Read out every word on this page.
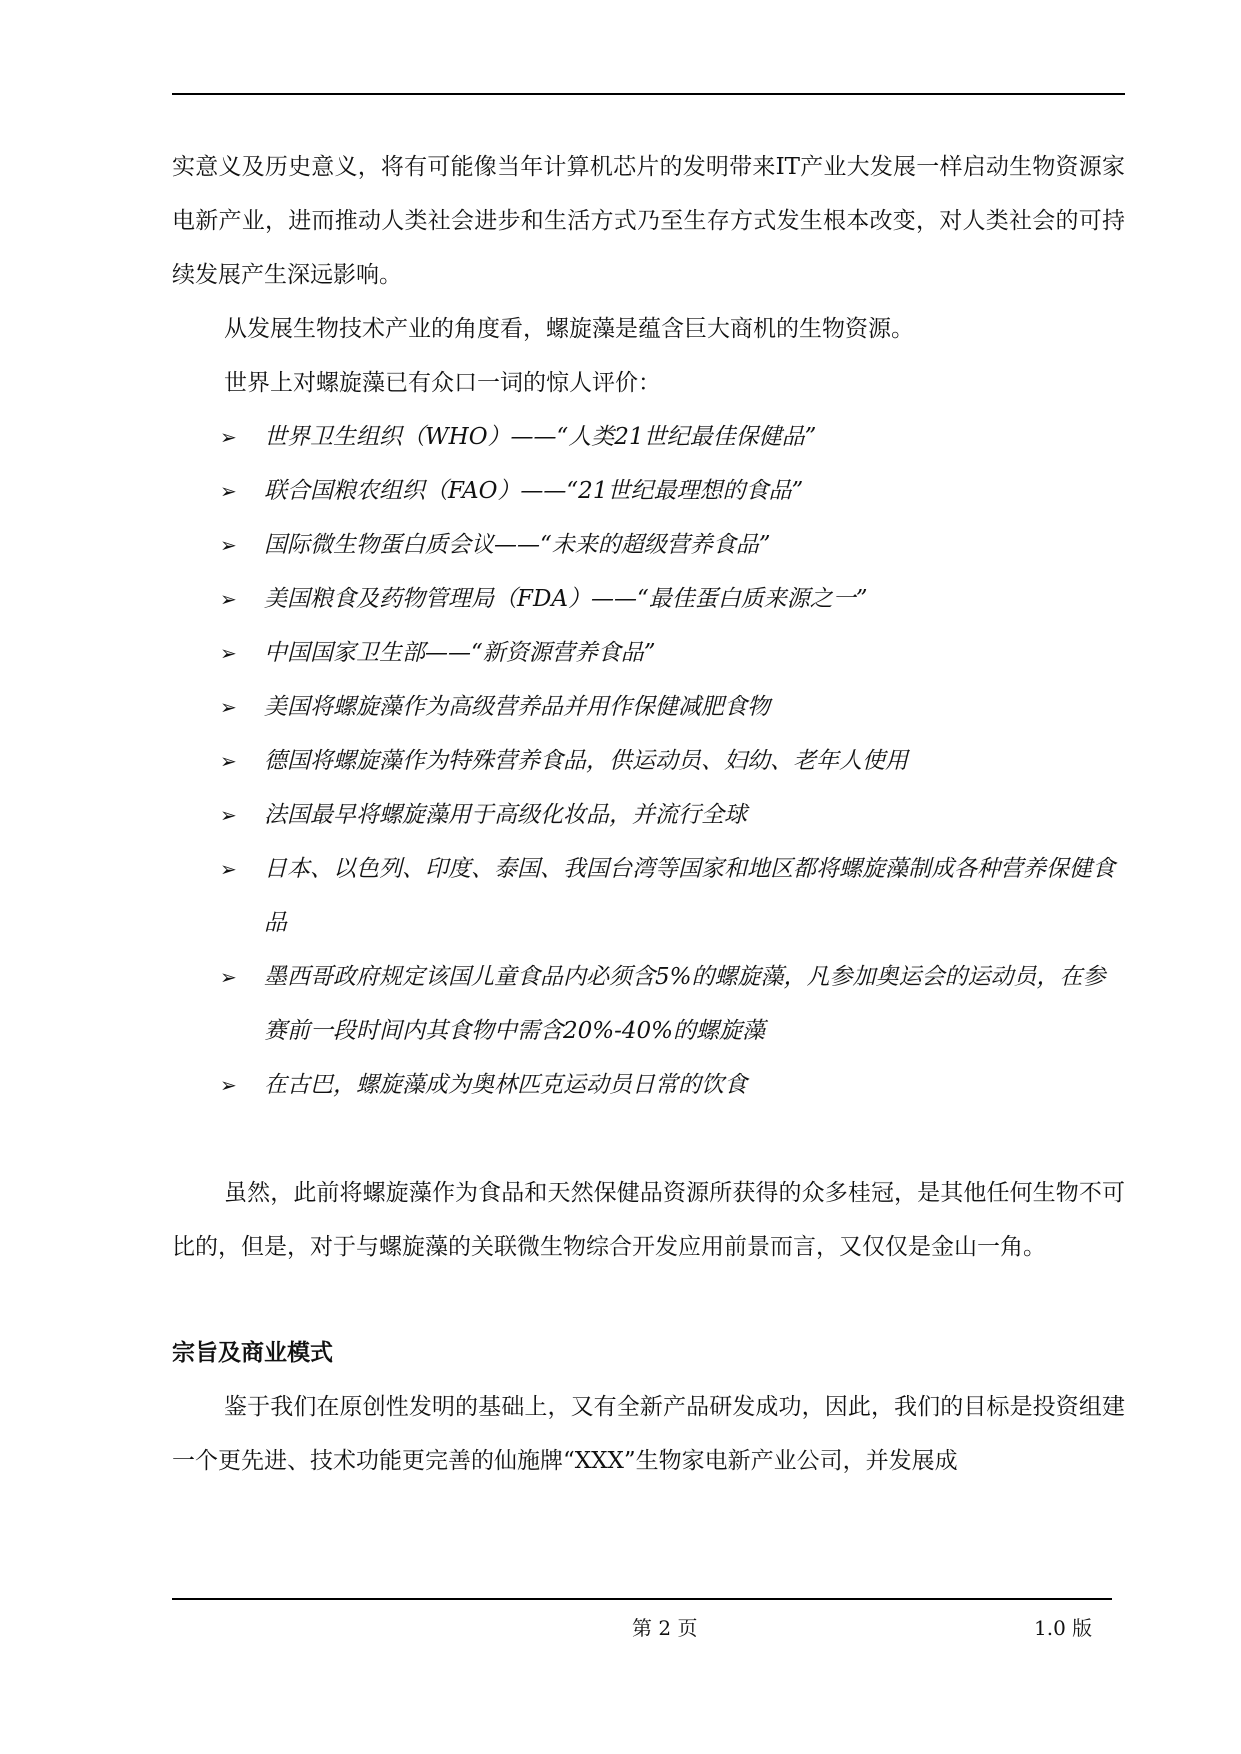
实意义及历史意义，将有可能像当年计算机芯片的发明带来IT产业大发展一样启动生物资源家电新产业，进而推动人类社会进步和生活方式乃至生存方式发生根本改变，对人类社会的可持续发展产生深远影响。

从发展生物技术产业的角度看，螺旋藻是蕴含巨大商机的生物资源。

世界上对螺旋藻已有众口一词的惊人评价：

➢ 世界卫生组织（WHO）——“人类21世纪最佳保健品”
➢ 联合国粮农组织（FAO）——“21世纪最理想的食品”
➢ 国际微生物蛋白质会议——“未来的超级营养食品”
➢ 美国粮食及药物管理局（FDA）——“最佳蛋白质来源之一”
➢ 中国国家卫生部——“新资源营养食品”
➢ 美国将螺旋藻作为高级营养品并用作保健减肥食物
➢ 德国将螺旋藻作为特殊营养食品，供运动员、妇幼、老年人使用
➢ 法国最早将螺旋藻用于高级化妆品，并流行全球
➢ 日本、以色列、印度、泰国、我国台湾等国家和地区都将螺旋藻制成各种营养保健食品
➢ 墨西哥政府规定该国儿童食品内必须含5%的螺旋藻，凡参加奥运会的运动员，在参赛前一段时间内其食物中需含20%-40%的螺旋藻
➢ 在古巴，螺旋藻成为奥林匹克运动员日常的饮食

虽然，此前将螺旋藻作为食品和天然保健品资源所获得的众多桂冠，是其他任何生物不可比的，但是，对于与螺旋藻的关联微生物综合开发应用前景而言，又仅仅是金山一角。

宗旨及商业模式

鉴于我们在原创性发明的基础上，又有全新产品研发成功，因此，我们的目标是投资组建一个更先进、技术功能更完善的仙施牌“XXX”生物家电新产业公司，并发展成

第 2 页	1.0 版
